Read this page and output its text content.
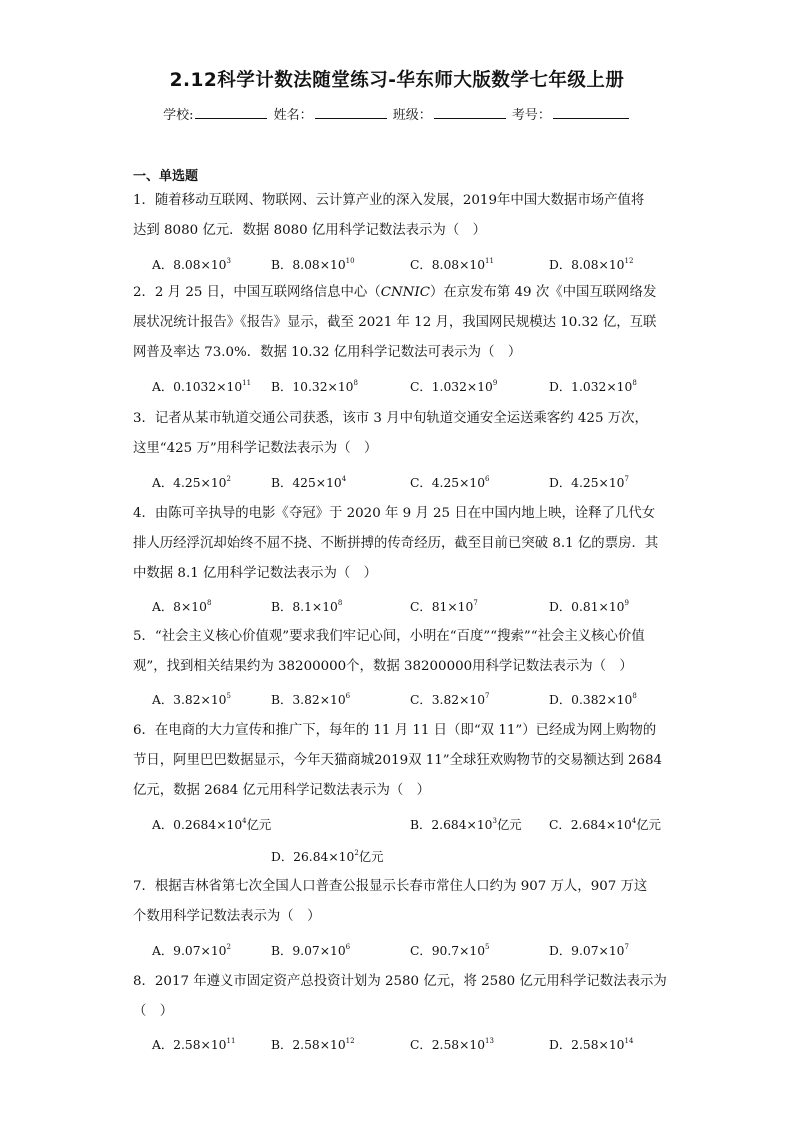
2.12科学计数法随堂练习-华东师大版数学七年级上册
学校:	姓名：	班级：	考号：
一、单选题
1．随着移动互联网、物联网、云计算产业的深入发展，2019年中国大数据市场产值将
达到 8080 亿元．数据 8080 亿用科学记数法表示为（　）
A．$8.08\times 10^3$	B．$8.08\times 10^{10}$	C．$8.08\times 10^{11}$	D．$8.08\times 10^{12}$
2．2 月 25 日，中国互联网络信息中心（CNNIC）在京发布第 49 次《中国互联网络发
展状况统计报告》《报告》显示，截至 2021 年 12 月，我国网民规模达 10.32 亿，互联
网普及率达 73.0%．数据 10.32 亿用科学记数法可表示为（　）
A．$0.1032\times 10^{11}$ B．$10.32\times 10^8$	C．$1.032\times 10^9$	D．$1.032\times 10^8$
3．记者从某市轨道交通公司获悉，该市 3 月中旬轨道交通安全运送乘客约 425 万次，
这里“425 万”用科学记数法表示为（　）
A．$4.25\times 10^2$	B．$425\times 10^4$	C．$4.25\times 10^6$	D．$4.25\times 10^7$
4．由陈可辛执导的电影《夺冠》于 2020 年 9 月 25 日在中国内地上映，诠释了几代女
排人历经浮沉却始终不屈不挠、不断拼搏的传奇经历，截至目前已突破 8.1 亿的票房．其
中数据 8.1 亿用科学记数法表示为（　）
A．$8\times 10^8$	B．$8.1\times 10^8$	C．$81\times 10^7$	D．$0.81\times 10^9$
5．“社会主义核心价值观”要求我们牢记心间，小明在“百度”“搜索”“社会主义核心价值
观”，找到相关结果约为 38200000个，数据 38200000用科学记数法表示为（　）
A．$3.82\times 10^5$	B．$3.82\times 10^6$	C．$3.82\times 10^7$	D．$0.382\times 10^8$
6．在电商的大力宣传和推广下，每年的 11 月 11 日（即“双 11”）已经成为网上购物的
节日，阿里巴巴数据显示，今年天猫商城2019双 11”全球狂欢购物节的交易额达到 2684
亿元，数据 2684 亿元用科学记数法表示为（　）
A．$0.2684\times 10^4$亿元	B．$2.684\times 10^3$亿元 C．$2.684\times 10^4$亿元
D．$26.84\times 10^2$亿元
7．根据吉林省第七次全国人口普查公报显示长春市常住人口约为 907 万人，907 万这
个数用科学记数法表示为（　）
A．$9.07\times 10^2$	B．$9.07\times 10^6$	C．$90.7\times 10^5$	D．$9.07\times 10^7$
8．2017 年遵义市固定资产总投资计划为 2580 亿元，将 2580 亿元用科学记数法表示为
（　）
A．$2.58\times 10^{11}$	B．$2.58\times 10^{12}$	C．$2.58\times 10^{13}$	D．$2.58\times 10^{14}$
